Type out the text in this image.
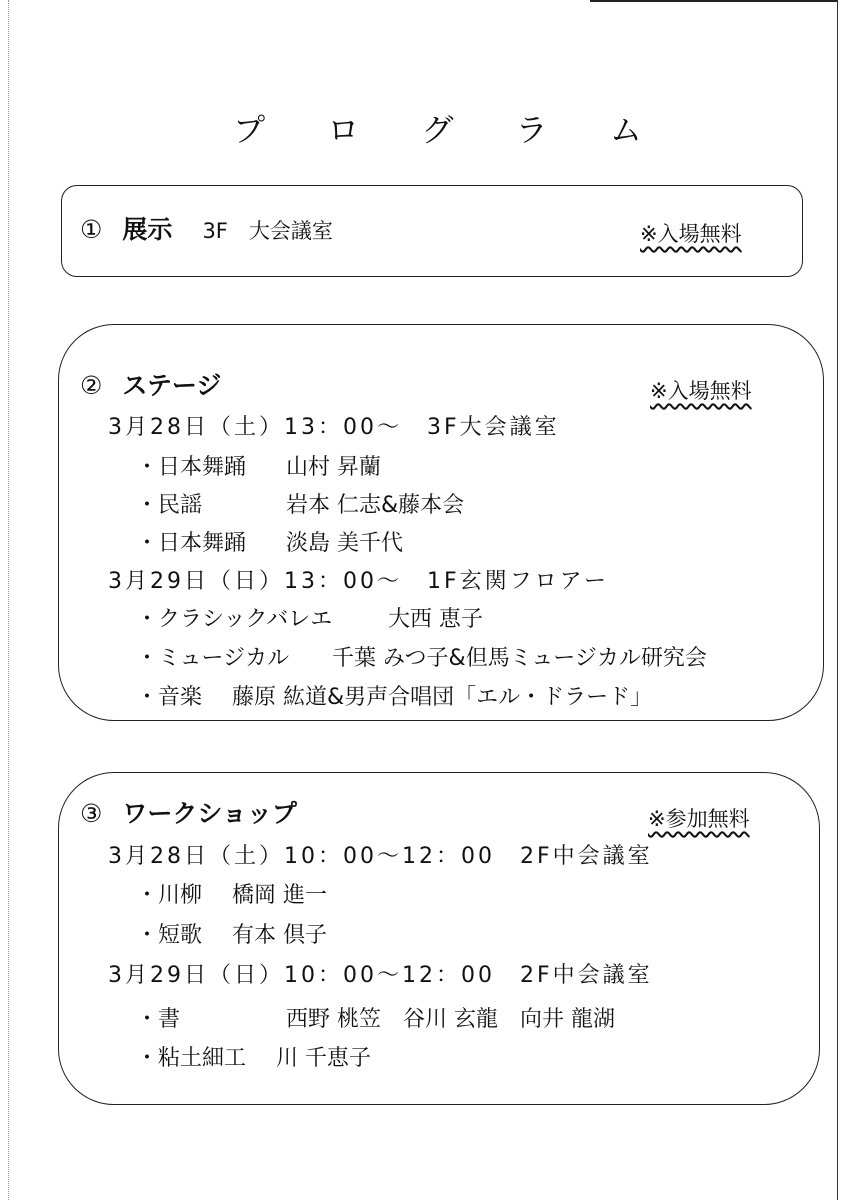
プ ロ グ ラ ム
① 展示 3F　大会議室	※入場無料
② ステージ	※入場無料
3月28日（土）13：00～　3F大会議室
・日本舞踊 山村 昇蘭
・民謡	岩本 仁志&藤本会
・日本舞踊 淡島 美千代
3月29日（日）13：00～　1F玄関フロアー
・クラシックバレエ	大西 恵子
・ミュージカル 千葉 みつ子&但馬ミュージカル研究会
・音楽 藤原 紘道&男声合唱団「エル・ドラード」
③ ワークショップ	※参加無料
3月28日（土）10：00～12：00　2F中会議室
・川柳 橋岡 進一
・短歌 有本 倶子
3月29日（日）10：00～12：00　2F中会議室
・書	西野 桃笠　谷川 玄龍　向井 龍湖
・粘土細工 川 千恵子
